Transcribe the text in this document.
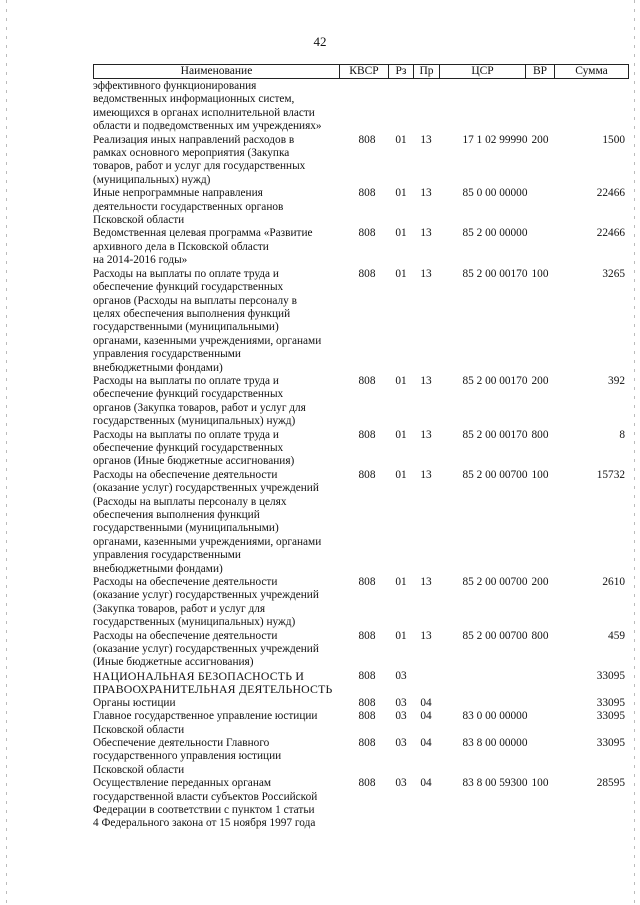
42
Наименование	КВСР	Рз	Пр	ЦСР	ВР	Сумма
эффективного функционирования
ведомственных информационных систем,
имеющихся в органах исполнительной власти
области и подведомственных им учреждениях»
Реализация иных направлений расходов в
рамках основного мероприятия (Закупка
товаров, работ и услуг для государственных
(муниципальных) нужд)
808	01 13	17 1 02 99990 200	1500
Иные непрограммные направления
деятельности государственных органов
Псковской области
808	01 13	85 0 00 00000	22466
Ведомственная целевая программа «Развитие
архивного дела в Псковской области
на 2014-2016 годы»
808	01 13	85 2 00 00000	22466
Расходы на выплаты по оплате труда и
обеспечение функций государственных
органов (Расходы на выплаты персоналу в
целях обеспечения выполнения функций
государственными (муниципальными)
органами, казенными учреждениями, органами
управления государственными
внебюджетными фондами)
808	01 13	85 2 00 00170 100	3265
Расходы на выплаты по оплате труда и
обеспечение функций государственных
органов (Закупка товаров, работ и услуг для
государственных (муниципальных) нужд)
808	01 13	85 2 00 00170 200	392
Расходы на выплаты по оплате труда и
обеспечение функций государственных
органов (Иные бюджетные ассигнования)
808	01 13	85 2 00 00170 800	8
Расходы на обеспечение деятельности
(оказание услуг) государственных учреждений
(Расходы на выплаты персоналу в целях
обеспечения выполнения функций
государственными (муниципальными)
органами, казенными учреждениями, органами
управления государственными
внебюджетными фондами)
808	01 13	85 2 00 00700 100	15732
Расходы на обеспечение деятельности
(оказание услуг) государственных учреждений
(Закупка товаров, работ и услуг для
государственных (муниципальных) нужд)
808	01 13	85 2 00 00700 200	2610
Расходы на обеспечение деятельности
(оказание услуг) государственных учреждений
(Иные бюджетные ассигнования)
808	01 13	85 2 00 00700 800	459
НАЦИОНАЛЬНАЯ БЕЗОПАСНОСТЬ И
ПРАВООХРАНИТЕЛЬНАЯ ДЕЯТЕЛЬНОСТЬ
808	03	33095
Органы юстиции	808	03 04	33095
Главное государственное управление юстиции
Псковской области
808	03 04	83 0 00 00000	33095
Обеспечение деятельности Главного
государственного управления юстиции
Псковской области
808	03 04	83 8 00 00000	33095
Осуществление переданных органам
государственной власти субъектов Российской
Федерации в соответствии с пунктом 1 статьи
4 Федерального закона от 15 ноября 1997 года
808	03 04	83 8 00 59300 100	28595
